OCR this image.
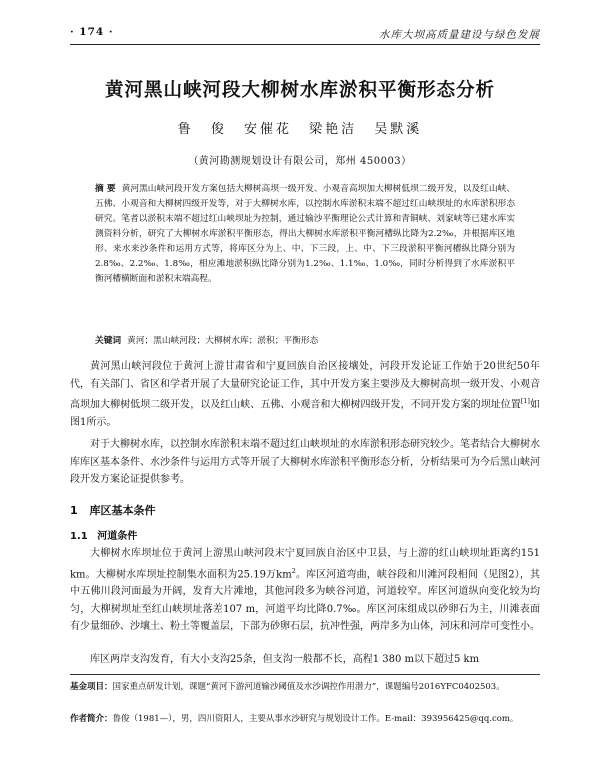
· 174 ·	水库大坝高质量建设与绿色发展
黄河黑山峡河段大柳树水库淤积平衡形态分析
鲁 俊 安催花 梁艳洁 吴默溪
（黄河勘测规划设计有限公司，郑州 450003）
摘 要 黄河黑山峡河段开发方案包括大柳树高坝一级开发、小观音高坝加大柳树低坝二级开发，以及红山峡、五佛、小观音和大柳树四级开发等，对于大柳树水库，以控制水库淤积末端不超过红山峡坝址的水库淤积形态研究。笔者以淤积末端不超过红山峡坝址为控制，通过输沙平衡理论公式计算和青铜峡、刘家峡等已建水库实测资料分析，研究了大柳树水库淤积平衡形态，得出大柳树水库淤积平衡河槽纵比降为2.2‰，并根据库区地形、来水来沙条件和运用方式等，将库区分为上、中、下三段，上、中、下三段淤积平衡河槽纵比降分别为2.8‰、2.2‰、1.8‰，相应滩地淤积纵比降分别为1.2‰、1.1‰、1.0‰，同时分析得到了水库淤积平衡河槽横断面和淤积末端高程。
关键词 黄河；黑山峡河段；大柳树水库；淤积；平衡形态
黄河黑山峡河段位于黄河上游甘肃省和宁夏回族自治区接壤处，河段开发论证工作始于20世纪50年代，有关部门、省区和学者开展了大量研究论证工作，其中开发方案主要涉及大柳树高坝一级开发、小观音高坝加大柳树低坝二级开发，以及红山峡、五佛、小观音和大柳树四级开发，不同开发方案的坝址位置[1]如图1所示。
对于大柳树水库，以控制水库淤积末端不超过红山峡坝址的水库淤积形态研究较少。笔者结合大柳树水库库区基本条件、水沙条件与运用方式等开展了大柳树水库淤积平衡形态分析，分析结果可为今后黑山峡河段开发方案论证提供参考。
1 库区基本条件
1.1 河道条件
大柳树水库坝址位于黄河上游黑山峡河段末宁夏回族自治区中卫县，与上游的红山峡坝址距离约151 km。大柳树水库坝址控制集水面积为25.19万$km^2$。库区河道弯曲，峡谷段和川滩河段相间（见图2），其中五佛川段河面最为开阔，发育大片滩地，其他河段多为峡谷河道，河道较窄。库区河道纵向变化较为均匀，大柳树坝址至红山峡坝址落差107 m，河道平均比降0.7‰。库区河床组成以砂卵石为主，川滩表面有少量细砂、沙壤土、粉土等覆盖层，下部为砂卵石层，抗冲性强，两岸多为山体，河床和河岸可变性小。
库区两岸支沟发育，有大小支沟25条，但支沟一般都不长，高程1 380 m以下超过5 km
基金项目：国家重点研发计划，课题“黄河下游河道输沙阈值及水沙调控作用潜力”，课题编号2016YFC0402503。
作者简介：鲁俊（1981—），男，四川资阳人，主要从事水沙研究与规划设计工作。E-mail：393956425@qq.com。
